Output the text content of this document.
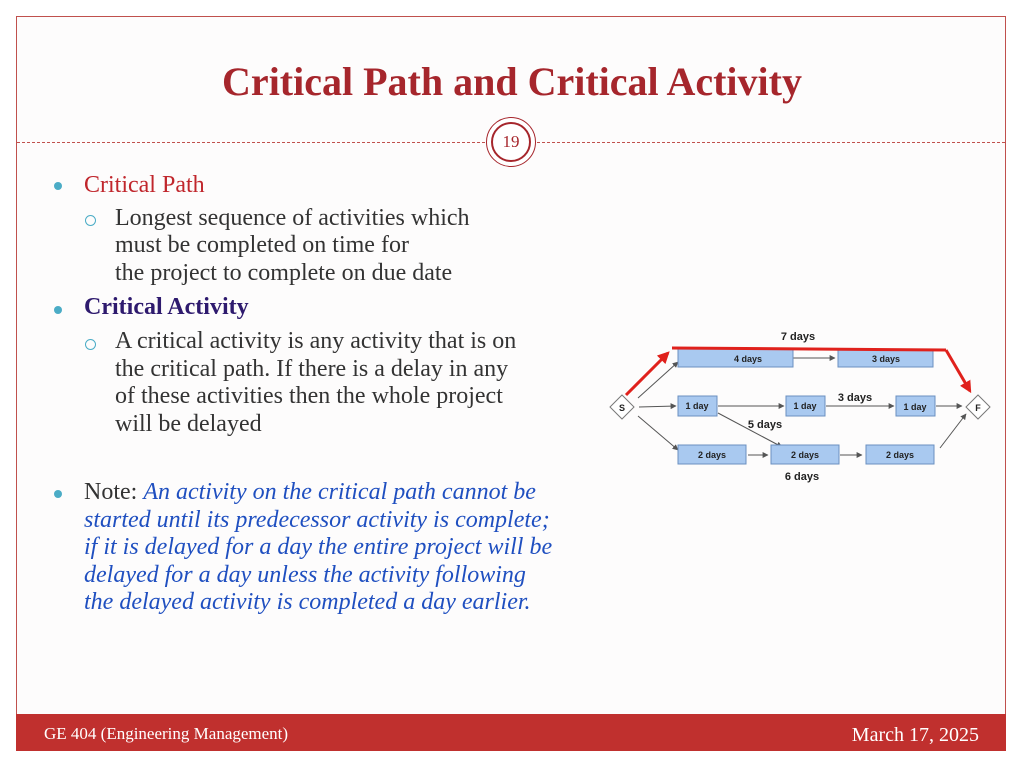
Critical Path and Critical Activity
19
Critical Path
Longest sequence of activities which
must be completed on time for
the project to complete on due date
Critical Activity
A critical activity is any activity that is on
the critical path. If there is a delay in any
of these activities then the whole project
will be delayed
Note: An activity on the critical path cannot be
started until its predecessor activity is complete;
if it is delayed for a day the entire project will be
delayed for a day unless the activity following
the delayed activity is completed a day earlier.
7 days
4 days	3 days
1 day	1 day	1 day
3 days
5 days
2 days	2 days	2 days
6 days
S	F
GE 404 (Engineering Management)	March 17, 2025
